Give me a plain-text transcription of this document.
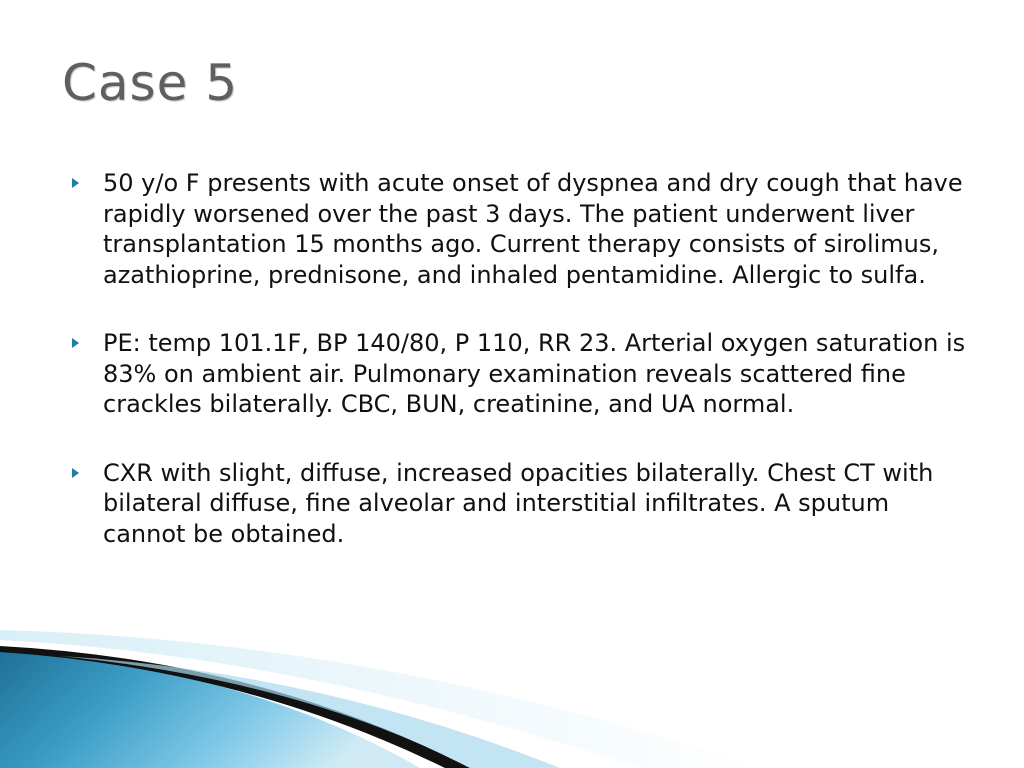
Case 5
50 y/o F presents with acute onset of dyspnea and dry cough that have rapidly worsened over the past 3 days. The patient underwent liver transplantation 15 months ago. Current therapy consists of sirolimus, azathioprine, prednisone, and inhaled pentamidine. Allergic to sulfa.
PE: temp 101.1F, BP 140/80, P 110, RR 23. Arterial oxygen saturation is 83% on ambient air. Pulmonary examination reveals scattered fine crackles bilaterally. CBC, BUN, creatinine, and UA normal.
CXR with slight, diffuse, increased opacities bilaterally. Chest CT with bilateral diffuse, fine alveolar and interstitial infiltrates. A sputum cannot be obtained.
